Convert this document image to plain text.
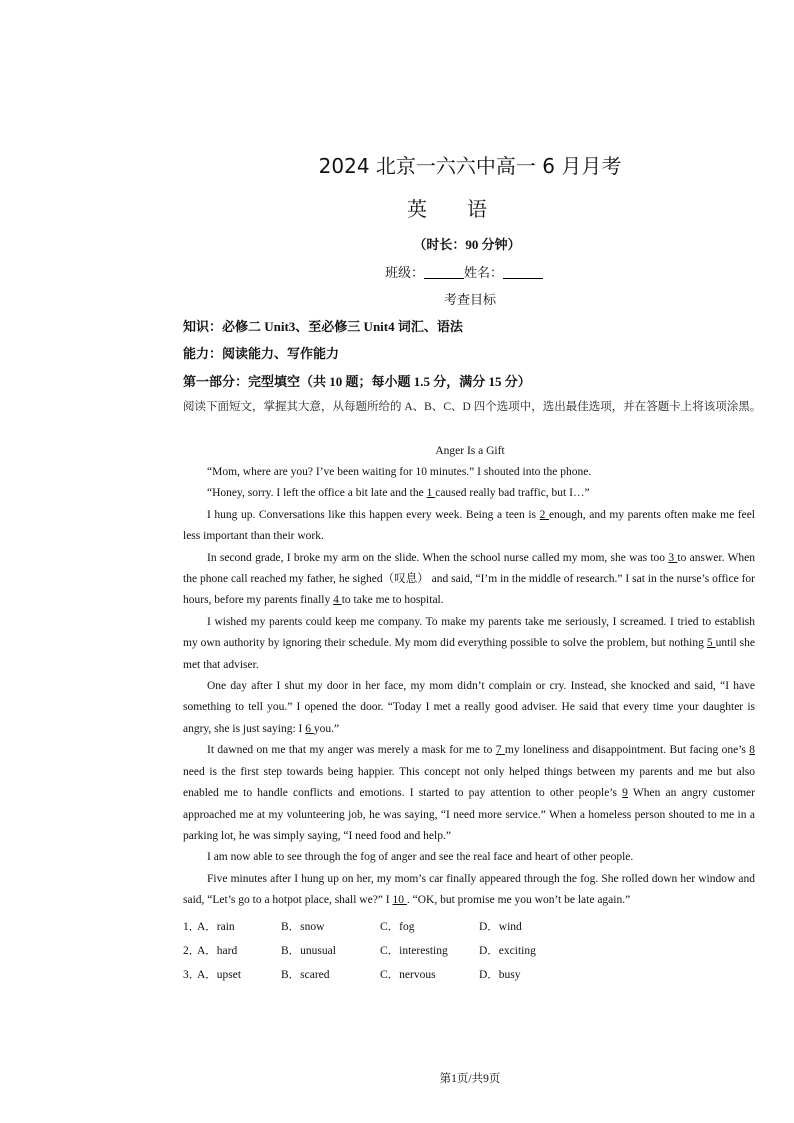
2024 北京一六六中高一 6 月月考
英语
（时长：90 分钟）
班级：	姓名：
考查目标
知识：必修二 Unit3、至必修三 Unit4 词汇、语法
能力：阅读能力、写作能力
第一部分：完型填空（共 10 题；每小题 1.5 分，满分 15 分）
阅读下面短文，掌握其大意，从每题所给的 A、B、C、D 四个选项中，选出最佳选项，并在答题卡上将该项涂黑。
Anger Is a Gift

“Mom, where are you? I’ve been waiting for 10 minutes.” I shouted into the phone.

“Honey, sorry. I left the office a bit late and the 1 caused really bad traffic, but I…”

I hung up. Conversations like this happen every week. Being a teen is 2 enough, and my parents often make me feel less important than their work.

In second grade, I broke my arm on the slide. When the school nurse called my mom, she was too 3 to answer. When the phone call reached my father, he sighed（叹息） and said, “I’m in the middle of research.” I sat in the nurse’s office for hours, before my parents finally 4 to take me to hospital.

I wished my parents could keep me company. To make my parents take me seriously, I screamed. I tried to establish my own authority by ignoring their schedule. My mom did everything possible to solve the problem, but nothing 5 until she met that adviser.

One day after I shut my door in her face, my mom didn’t complain or cry. Instead, she knocked and said, “I have something to tell you.” I opened the door. “Today I met a really good adviser. He said that every time your daughter is angry, she is just saying: I 6 you.”

It dawned on me that my anger was merely a mask for me to 7 my loneliness and disappointment. But facing one’s 8 need is the first step towards being happier. This concept not only helped things between my parents and me but also enabled me to handle conflicts and emotions. I started to pay attention to other people’s 9 When an angry customer approached me at my volunteering job, he was saying, “I need more service.” When a homeless person shouted to me in a parking lot, he was simply saying, “I need food and help.”

I am now able to see through the fog of anger and see the real face and heart of other people.

Five minutes after I hung up on her, my mom’s car finally appeared through the fog. She rolled down her window and said, “Let’s go to a hotpot place, shall we?” I 10 . “OK, but promise me you won’t be late again.”

1．
A．rain	B．snow	C．fog	D．wind
2．
A．hard	B．unusual	C．interesting	D．exciting
3．
A．upset	B．scared	C．nervous	D．busy
第1页/共9页
